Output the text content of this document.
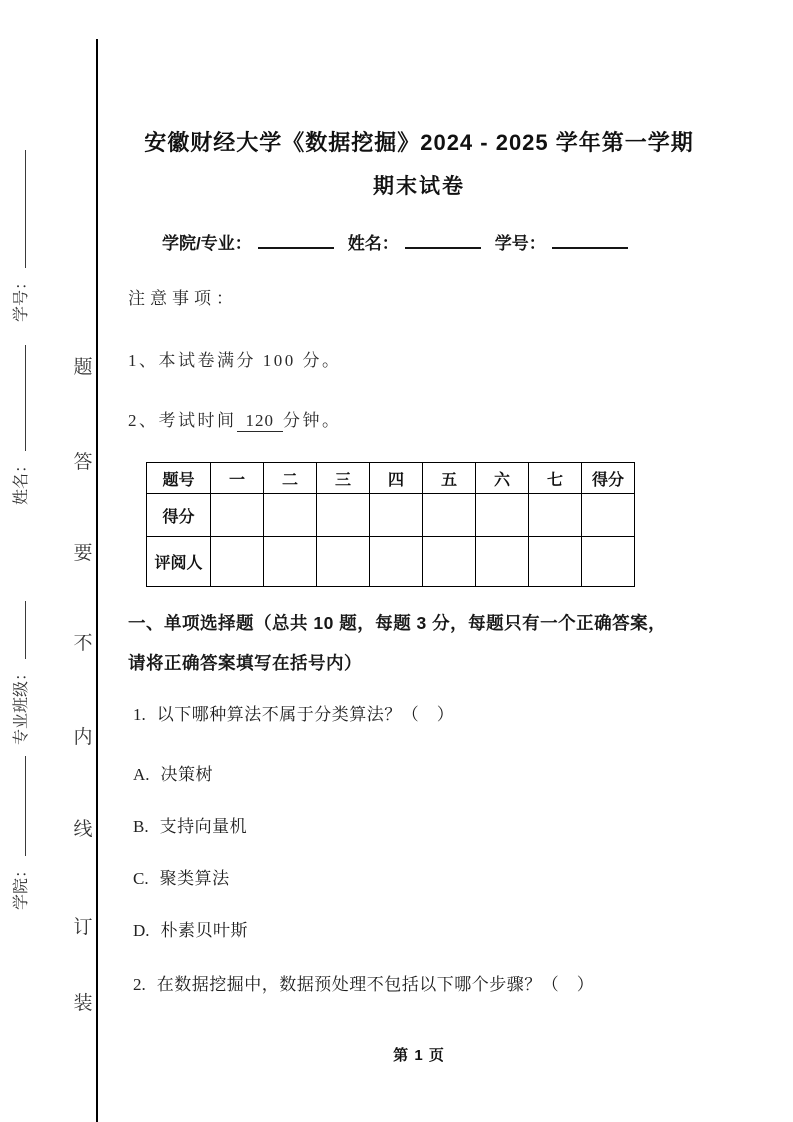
学号：
姓名：
专业班级：
学院：
题
答
要
不
内
线
订
装
安徽财经大学《数据挖掘》2024 - 2025 学年第一学期
期末试卷
学院/专业：	姓名：	学号：
注意事项：
1、本试卷满分 100 分。
2、考试时间 120 分钟。
题号	一	二	三	四	五	六	七	得分
得分								
评阅人								
一、单项选择题（总共 10 题，每题 3 分，每题只有一个正确答案，
请将正确答案填写在括号内）
1. 以下哪种算法不属于分类算法？（　）
A. 决策树
B. 支持向量机
C. 聚类算法
D. 朴素贝叶斯
2. 在数据挖掘中，数据预处理不包括以下哪个步骤？（　）
第 1 页
